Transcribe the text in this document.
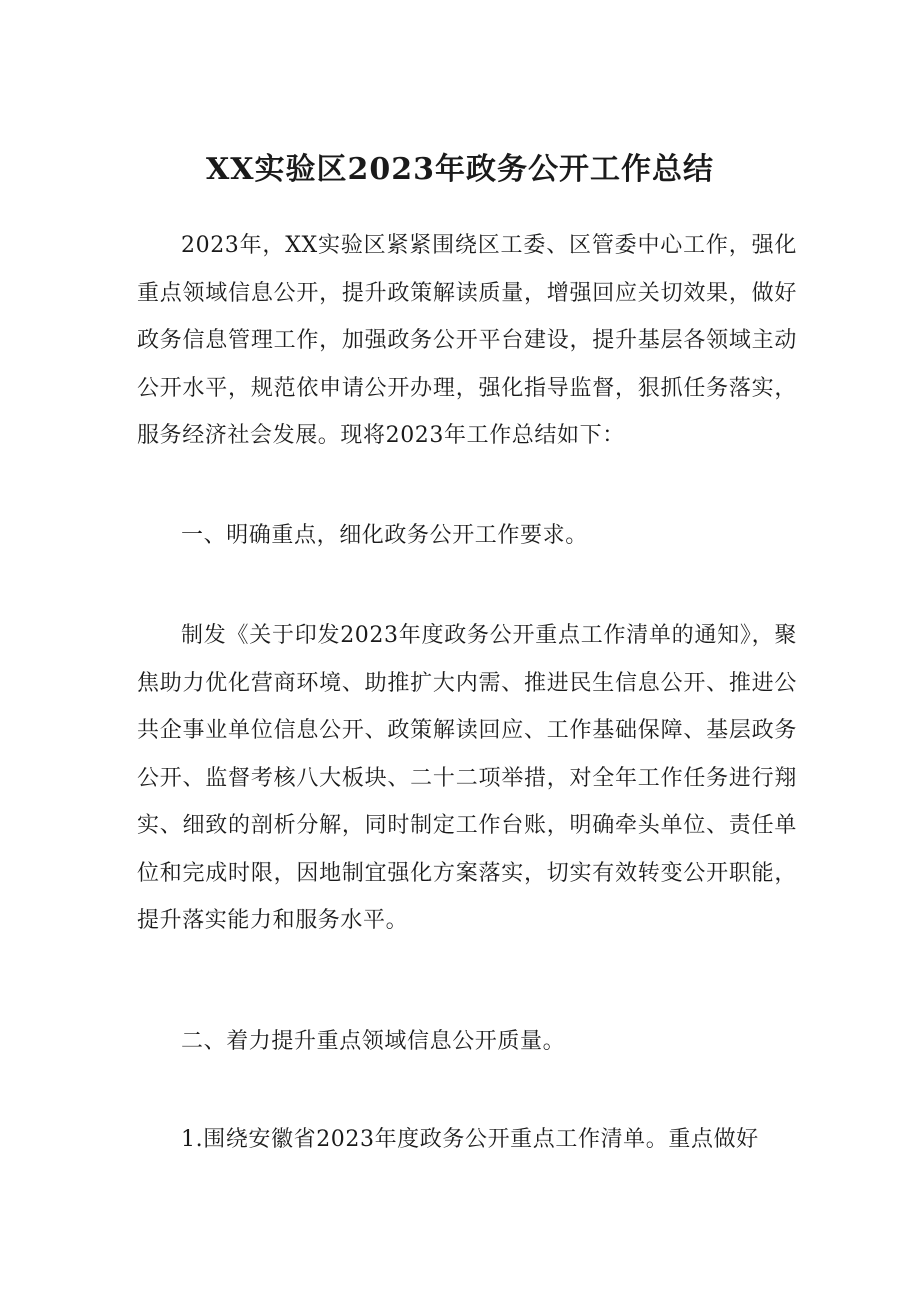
XX实验区2023年政务公开工作总结

2023年，XX实验区紧紧围绕区工委、区管委中心工作，强化重点领域信息公开，提升政策解读质量，增强回应关切效果，做好政务信息管理工作，加强政务公开平台建设，提升基层各领域主动公开水平，规范依申请公开办理，强化指导监督，狠抓任务落实，服务经济社会发展。现将2023年工作总结如下：

一、明确重点，细化政务公开工作要求。

制发《关于印发2023年度政务公开重点工作清单的通知》，聚焦助力优化营商环境、助推扩大内需、推进民生信息公开、推进公共企事业单位信息公开、政策解读回应、工作基础保障、基层政务公开、监督考核八大板块、二十二项举措，对全年工作任务进行翔实、细致的剖析分解，同时制定工作台账，明确牵头单位、责任单位和完成时限，因地制宜强化方案落实，切实有效转变公开职能，提升落实能力和服务水平。

二、着力提升重点领域信息公开质量。

1.围绕安徽省2023年度政务公开重点工作清单。重点做好
